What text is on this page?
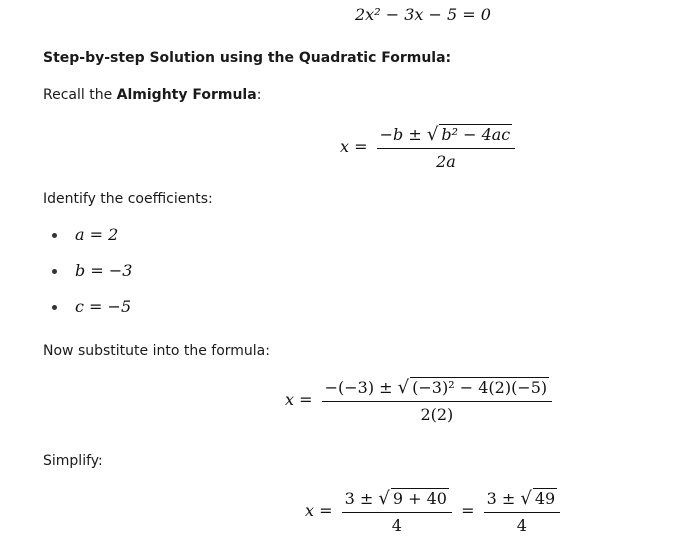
2x² − 3x − 5 = 0
Step-by-step Solution using the Quadratic Formula:
Recall the Almighty Formula:
$x = \frac{\text{−b ± √ b² − 4ac}}{2a}$
Identify the coefficients:
a = 2
b = −3
c = −5
Now substitute into the formula:
$x = \frac{\text{−(−3) ± √ (−3)² − 4(2)(−5)}}{2(2)}$
Simplify:
$x = \frac{3 \pm √ 9 + 40}{4} = \frac{3 \pm √ 49}{4}$
